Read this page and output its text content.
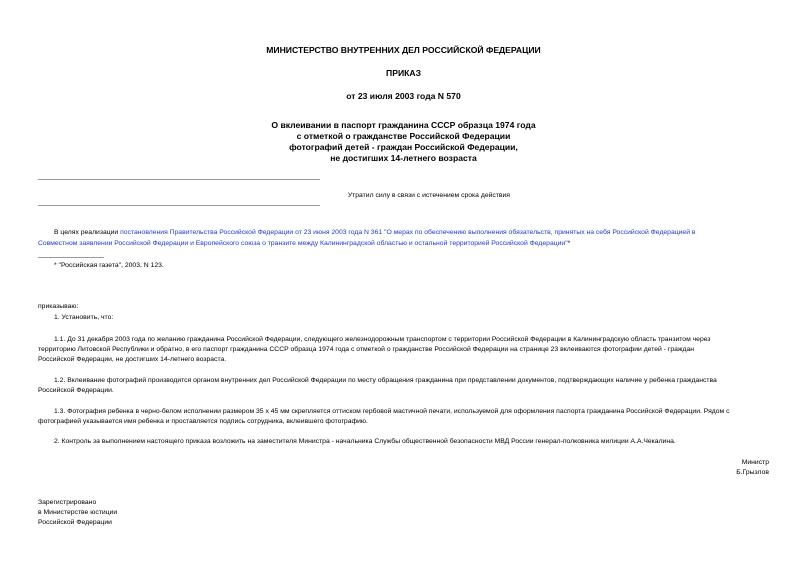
МИНИСТЕРСТВО ВНУТРЕННИХ ДЕЛ РОССИЙСКОЙ ФЕДЕРАЦИИ
ПРИКАЗ
от 23 июля 2003 года N 570
О вклеивании в паспорт гражданина СССР образца 1974 года
с отметкой о гражданстве Российской Федерации
фотографий детей - граждан Российской Федерации,
не достигших 14-летнего возраста
Утратил силу в связи с истечением срока действия
В целях реализации постановления Правительства Российской Федерации от 23 июня 2003 года N 361 "О мерах по обеспечению выполнения обязательств, принятых на себя Российской Федерацией в
Совместном заявлении Российской Федерации и Европейского союза о транзите между Калининградской областью и остальной территорией Российской Федерации"*
* "Российская газета", 2003, N 123.
приказываю:
1. Установить, что:
1.1. До 31 декабря 2003 года по желанию гражданина Российской Федерации, следующего железнодорожным транспортом с территории Российской Федерации в Калининградскую область транзитом через
территорию Литовской Республики и обратно, в его паспорт гражданина СССР образца 1974 года с отметкой о гражданстве Российской Федерации на странице 23 вклеиваются фотографии детей - граждан
Российской Федерации, не достигших 14-летнего возраста.
1.2. Вклеивание фотографий производится органом внутренних дел Российской Федерации по месту обращения гражданина при представлении документов, подтверждающих наличие у ребенка гражданства
Российской Федерации.
1.3. Фотография ребенка в черно-белом исполнении размером 35 х 45 мм скрепляется оттиском гербовой мастичной печати, используемой для оформления паспорта гражданина Российской Федерации. Рядом с
фотографией указывается имя ребенка и проставляется подпись сотрудника, вклеившего фотографию.
2. Контроль за выполнением настоящего приказа возложить на заместителя Министра - начальника Службы общественной безопасности МВД России генерал-полковника милиции А.А.Чекалина.
Министр
Б.Грызлов
Зарегистрировано
в Министерстве юстиции
Российской Федерации
